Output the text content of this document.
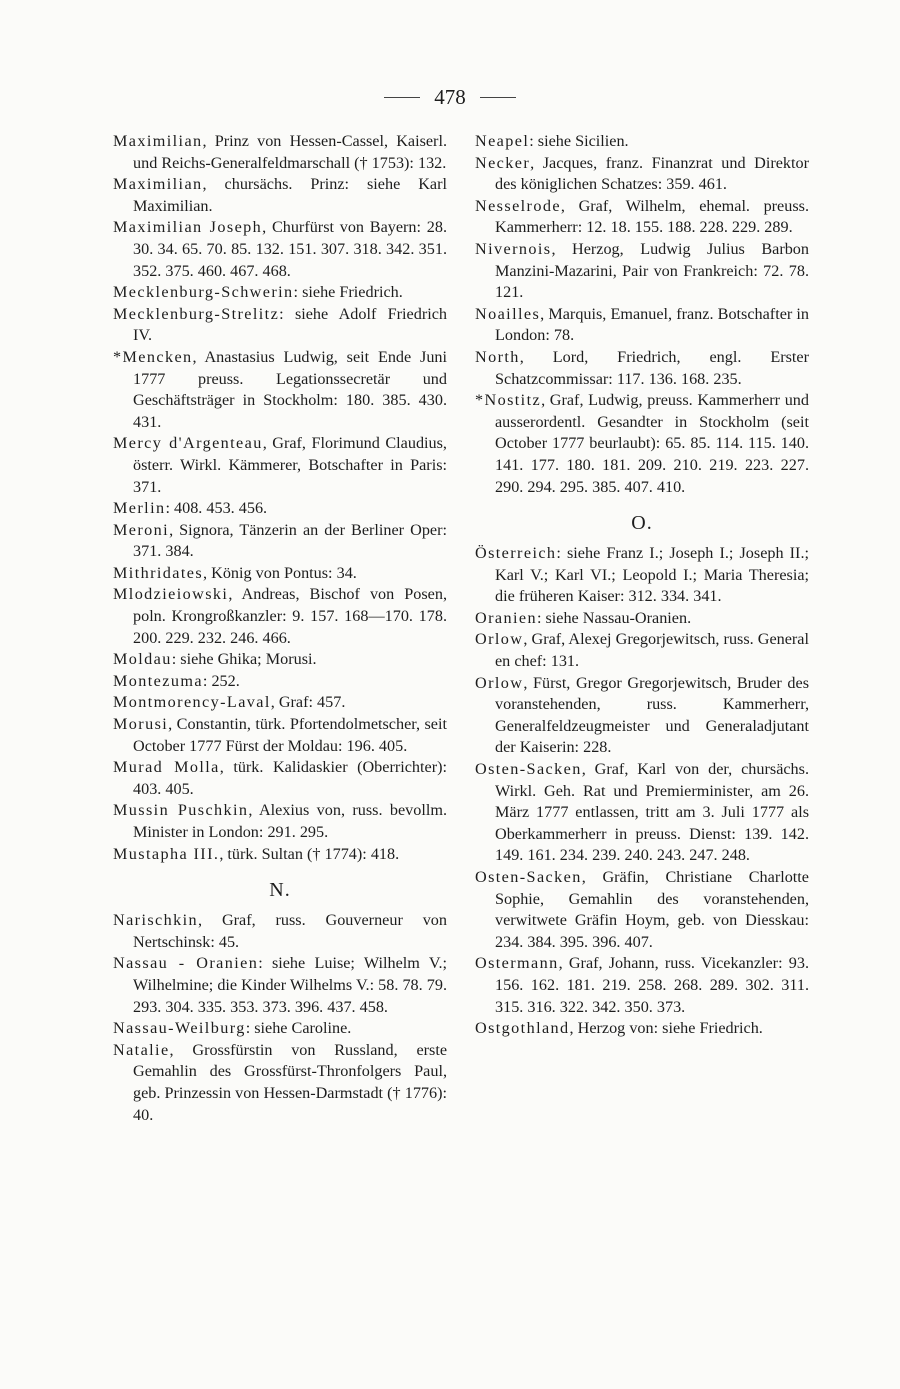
478

Maximilian, Prinz von Hessen-Cassel, Kaiserl. und Reichs-Generalfeldmarschall († 1753): 132.

Maximilian, chursächs. Prinz: siehe Karl Maximilian.

Maximilian Joseph, Churfürst von Bayern: 28. 30. 34. 65. 70. 85. 132. 151. 307. 318. 342. 351. 352. 375. 460. 467. 468.

Mecklenburg-Schwerin: siehe Friedrich.

Mecklenburg-Strelitz: siehe Adolf Friedrich IV.

*Mencken, Anastasius Ludwig, seit Ende Juni 1777 preuss. Legationssecretär und Geschäftsträger in Stockholm: 180. 385. 430. 431.

Mercy d'Argenteau, Graf, Florimund Claudius, österr. Wirkl. Kämmerer, Botschafter in Paris: 371.

Merlin: 408. 453. 456.

Meroni, Signora, Tänzerin an der Berliner Oper: 371. 384.

Mithridates, König von Pontus: 34.

Mlodzieiowski, Andreas, Bischof von Posen, poln. Krongroßkanzler: 9. 157. 168—170. 178. 200. 229. 232. 246. 466.

Moldau: siehe Ghika; Morusi.

Montezuma: 252.

Montmorency-Laval, Graf: 457.

Morusi, Constantin, türk. Pfortendolmetscher, seit October 1777 Fürst der Moldau: 196. 405.

Murad Molla, türk. Kalidaskier (Oberrichter): 403. 405.

Mussin Puschkin, Alexius von, russ. bevollm. Minister in London: 291. 295.

Mustapha III., türk. Sultan († 1774): 418.

N.

Narischkin, Graf, russ. Gouverneur von Nertschinsk: 45.

Nassau - Oranien: siehe Luise; Wilhelm V.; Wilhelmine; die Kinder Wilhelms V.: 58. 78. 79. 293. 304. 335. 353. 373. 396. 437. 458.

Nassau-Weilburg: siehe Caroline.

Natalie, Grossfürstin von Russland, erste Gemahlin des Grossfürst-Thronfolgers Paul, geb. Prinzessin von Hessen-Darmstadt († 1776): 40.

Neapel: siehe Sicilien.

Necker, Jacques, franz. Finanzrat und Direktor des königlichen Schatzes: 359. 461.

Nesselrode, Graf, Wilhelm, ehemal. preuss. Kammerherr: 12. 18. 155. 188. 228. 229. 289.

Nivernois, Herzog, Ludwig Julius Barbon Manzini-Mazarini, Pair von Frankreich: 72. 78. 121.

Noailles, Marquis, Emanuel, franz. Botschafter in London: 78.

North, Lord, Friedrich, engl. Erster Schatzcommissar: 117. 136. 168. 235.

*Nostitz, Graf, Ludwig, preuss. Kammerherr und ausserordentl. Gesandter in Stockholm (seit October 1777 beurlaubt): 65. 85. 114. 115. 140. 141. 177. 180. 181. 209. 210. 219. 223. 227. 290. 294. 295. 385. 407. 410.

O.

Österreich: siehe Franz I.; Joseph I.; Joseph II.; Karl V.; Karl VI.; Leopold I.; Maria Theresia; die früheren Kaiser: 312. 334. 341.

Oranien: siehe Nassau-Oranien.

Orlow, Graf, Alexej Gregorjewitsch, russ. General en chef: 131.

Orlow, Fürst, Gregor Gregorjewitsch, Bruder des voranstehenden, russ. Kammerherr, Generalfeldzeugmeister und Generaladjutant der Kaiserin: 228.

Osten-Sacken, Graf, Karl von der, chursächs. Wirkl. Geh. Rat und Premierminister, am 26. März 1777 entlassen, tritt am 3. Juli 1777 als Oberkammerherr in preuss. Dienst: 139. 142. 149. 161. 234. 239. 240. 243. 247. 248.

Osten-Sacken, Gräfin, Christiane Charlotte Sophie, Gemahlin des voranstehenden, verwitwete Gräfin Hoym, geb. von Diesskau: 234. 384. 395. 396. 407.

Ostermann, Graf, Johann, russ. Vicekanzler: 93. 156. 162. 181. 219. 258. 268. 289. 302. 311. 315. 316. 322. 342. 350. 373.

Ostgothland, Herzog von: siehe Friedrich.
